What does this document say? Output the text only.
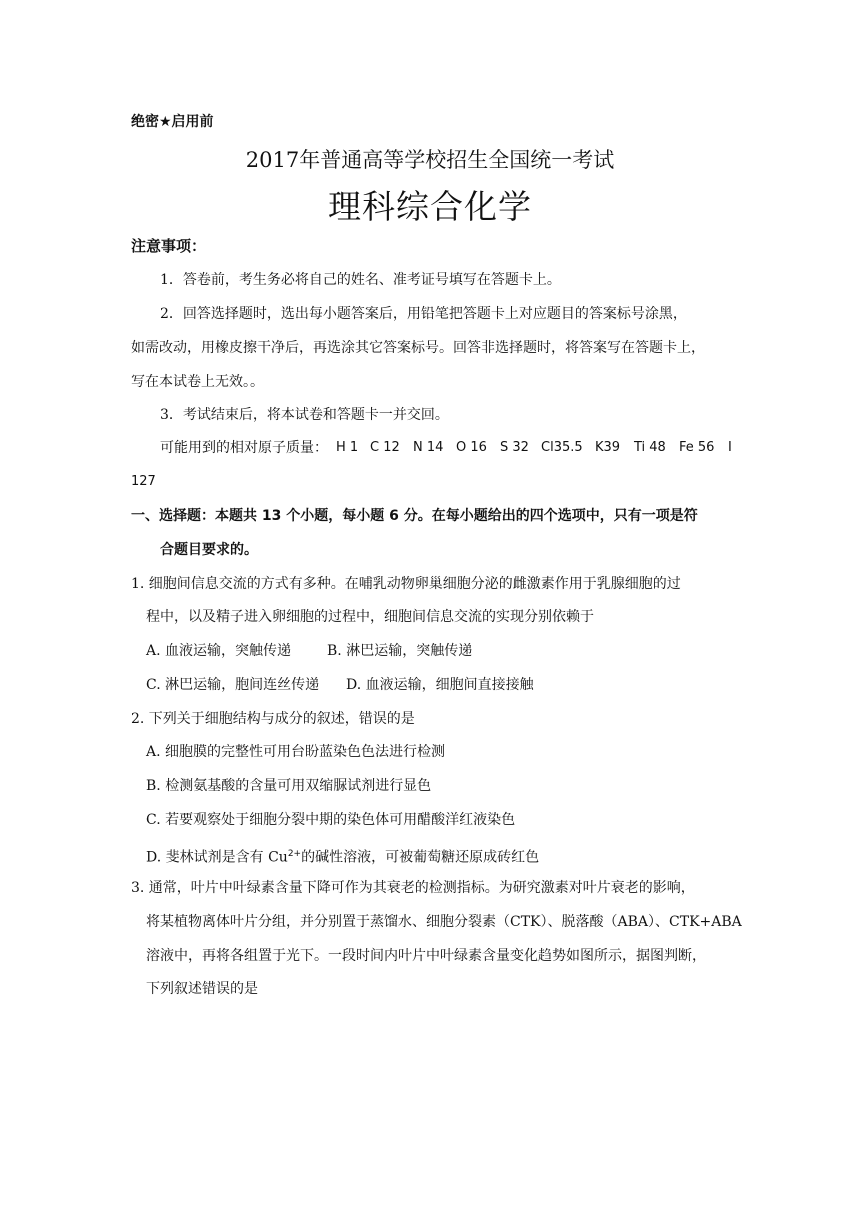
绝密★启用前
2017年普通高等学校招生全国统一考试
理科综合化学
注意事项：
1．答卷前，考生务必将自己的姓名、准考证号填写在答题卡上。
2．回答选择题时，选出每小题答案后，用铅笔把答题卡上对应题目的答案标号涂黑，
如需改动，用橡皮擦干净后，再选涂其它答案标号。回答非选择题时，将答案写在答题卡上，
写在本试卷上无效。。
3．考试结束后，将本试卷和答题卡一并交回。
可能用到的相对原子质量： H 1 C 12 N 14 O 16 S 32 Cl35.5 K39 Ti 48 Fe 56 I
127
一、选择题：本题共 13 个小题，每小题 6 分。在每小题给出的四个选项中，只有一项是符
合题目要求的。
1. 细胞间信息交流的方式有多种。在哺乳动物卵巢细胞分泌的雌激素作用于乳腺细胞的过
程中，以及精子进入卵细胞的过程中，细胞间信息交流的实现分别依赖于
A. 血液运输，突触传递	B. 淋巴运输，突触传递
C. 淋巴运输，胞间连丝传递 D. 血液运输，细胞间直接接触
2. 下列关于细胞结构与成分的叙述，错误的是
A. 细胞膜的完整性可用台盼蓝染色色法进行检测
B. 检测氨基酸的含量可用双缩脲试剂进行显色
C. 若要观察处于细胞分裂中期的染色体可用醋酸洋红液染色
D. 斐林试剂是含有 $Cu^{2+}$的碱性溶液，可被葡萄糖还原成砖红色
3. 通常，叶片中叶绿素含量下降可作为其衰老的检测指标。为研究激素对叶片衰老的影响，
将某植物离体叶片分组，并分别置于蒸馏水、细胞分裂素（CTK）、脱落酸（ABA）、CTK+ABA
溶液中，再将各组置于光下。一段时间内叶片中叶绿素含量变化趋势如图所示，据图判断，
下列叙述错误的是
